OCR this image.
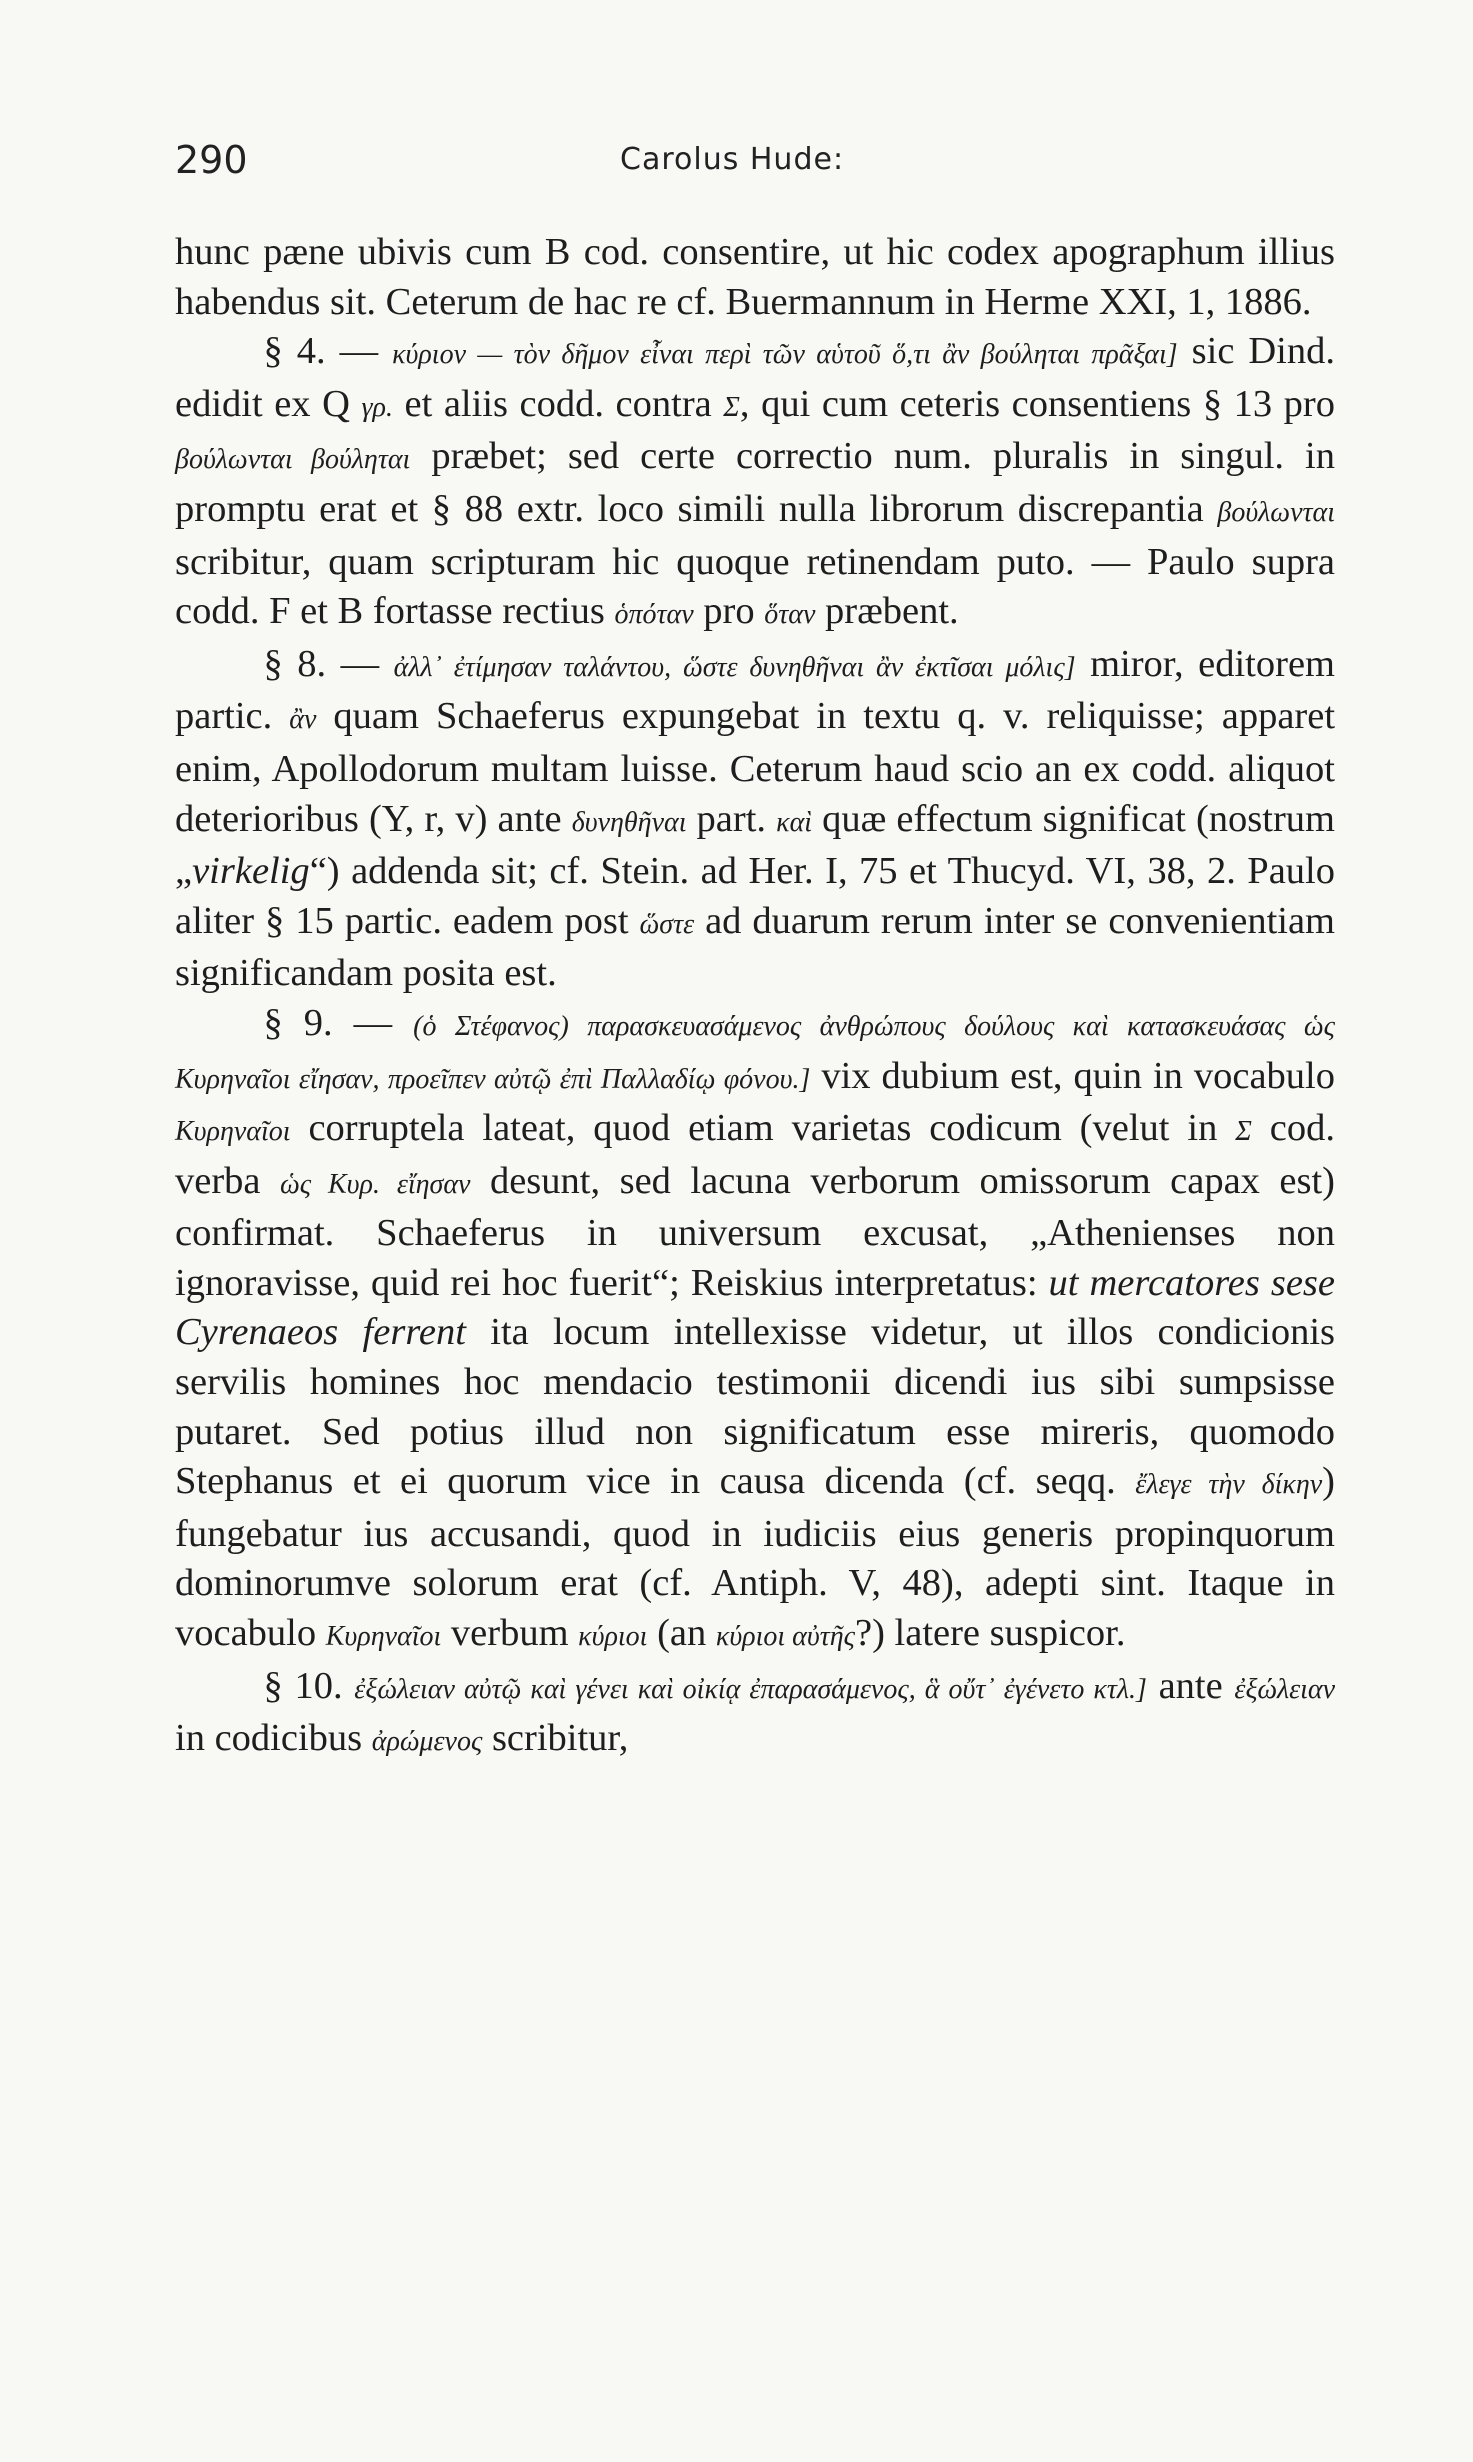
290	Carolus Hude:

hunc pæne ubivis cum B cod. consentire, ut hic codex apographum illius habendus sit. Ceterum de hac re cf. Buermannum in Herme XXI, 1, 1886.

§ 4. — κύριον — τὸν δῆμον εἶναι περὶ τῶν αὑτοῦ ὅ,τι ἂν βούληται πρᾶξαι] sic Dind. edidit ex Q γρ. et aliis codd. contra Σ, qui cum ceteris consentiens § 13 pro βούλωνται βούληται præbet; sed certe correctio num. pluralis in singul. in promptu erat et § 88 extr. loco simili nulla librorum discrepantia βούλωνται scribitur, quam scripturam hic quoque retinendam puto. — Paulo supra codd. F et B fortasse rectius ὁπόταν pro ὅταν præbent.

§ 8. — ἀλλ᾽ ἐτίμησαν ταλάντου, ὥστε δυνηθῆναι ἂν ἐκτῖσαι μόλις] miror, editorem partic. ἂν quam Schaeferus expungebat in textu q. v. reliquisse; apparet enim, Apollodorum multam luisse. Ceterum haud scio an ex codd. aliquot deterioribus (Y, r, v) ante δυνηθῆναι part. καὶ quæ effectum significat (nostrum „virkelig“) addenda sit; cf. Stein. ad Her. I, 75 et Thucyd. VI, 38, 2. Paulo aliter § 15 partic. eadem post ὥστε ad duarum rerum inter se convenientiam significandam posita est.

§ 9. — (ὁ Στέφανος) παρασκευασάμενος ἀνθρώπους δούλους καὶ κατασκευάσας ὡς Κυρηναῖοι εἴησαν, προεῖπεν αὐτῷ ἐπὶ Παλλαδίῳ φόνου.] vix dubium est, quin in vocabulo Κυρηναῖοι corruptela lateat, quod etiam varietas codicum (velut in Σ cod. verba ὡς Κυρ. εἴησαν desunt, sed lacuna verborum omissorum capax est) confirmat. Schaeferus in universum excusat, „Athenienses non ignoravisse, quid rei hoc fuerit“; Reiskius interpretatus: ut mercatores sese Cyrenaeos ferrent ita locum intellexisse videtur, ut illos condicionis servilis homines hoc mendacio testimonii dicendi ius sibi sumpsisse putaret. Sed potius illud non significatum esse mireris, quomodo Stephanus et ei quorum vice in causa dicenda (cf. seqq. ἔλεγε τὴν δίκην) fungebatur ius accusandi, quod in iudiciis eius generis propinquorum dominorumve solorum erat (cf. Antiph. V, 48), adepti sint. Itaque in vocabulo Κυρηναῖοι verbum κύριοι (an κύριοι αὐτῆς?) latere suspicor.

§ 10. ἐξώλειαν αὐτῷ καὶ γένει καὶ οἰκίᾳ ἐπαρασάμενος, ἃ οὔτ᾽ ἐγένετο κτλ.] ante ἐξώλειαν in codicibus ἀρώμενος scribitur,
